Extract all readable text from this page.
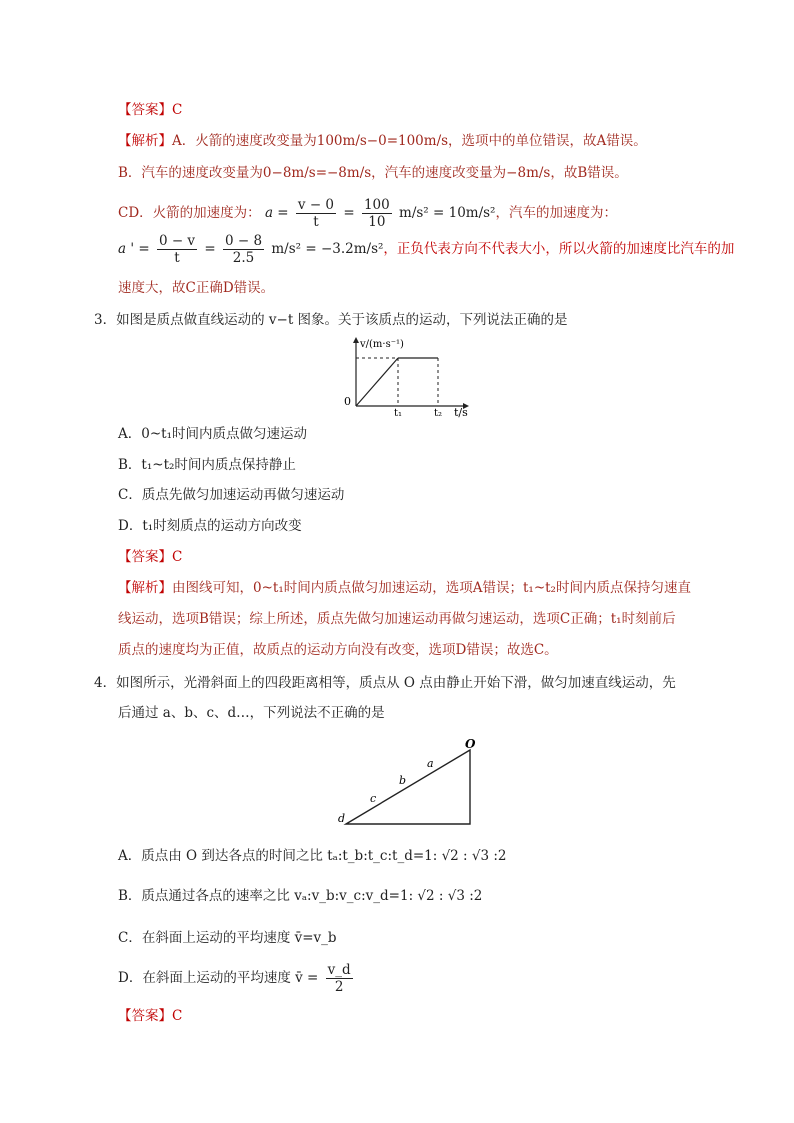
【答案】C
【解析】A．火箭的速度改变量为100m/s−0=100m/s，选项中的单位错误，故A错误。
B．汽车的速度改变量为0−8m/s=−8m/s，汽车的速度改变量为−8m/s，故B错误。
CD．火箭的加速度为： $a = \frac{v - 0}{t} = \frac{100}{10} m/s^2 = 10m/s^2$，汽车的加速度为：
a ' = $\frac{0 - v}{t} = \frac{0 - 8}{2.5} m/s^2 = -3.2m/s^2$，正负代表方向不代表大小，所以火箭的加速度比汽车的加
速度大，故C正确D错误。
3．如图是质点做直线运动的 v−t 图象。关于该质点的运动，下列说法正确的是
v/(m·s⁻¹)
0
t₁	t₂ t/s
A．0~t₁时间内质点做匀速运动
B．t₁~t₂时间内质点保持静止
C．质点先做匀加速运动再做匀速运动
D．t₁时刻质点的运动方向改变
【答案】C
【解析】由图线可知，0~t₁时间内质点做匀加速运动，选项A错误；t₁~t₂时间内质点保持匀速直
线运动，选项B错误；综上所述，质点先做匀加速运动再做匀速运动，选项C正确；t₁时刻前后
质点的速度均为正值，故质点的运动方向没有改变，选项D错误；故选C。
4．如图所示，光滑斜面上的四段距离相等，质点从 O 点由静止开始下滑，做匀加速直线运动，先
后通过 a、b、c、d…，下列说法不正确的是
O
a
b
c
d
A．质点由 O 到达各点的时间之比 tₐ:t_b:t_c:t_d=1: √2 : √3 :2
B．质点通过各点的速率之比 vₐ:v_b:v_c:v_d=1: √2 : √3 :2
C．在斜面上运动的平均速度 v̄=v_b
D．在斜面上运动的平均速度 v̄ = $\frac{v\_d}{2}$
【答案】C
